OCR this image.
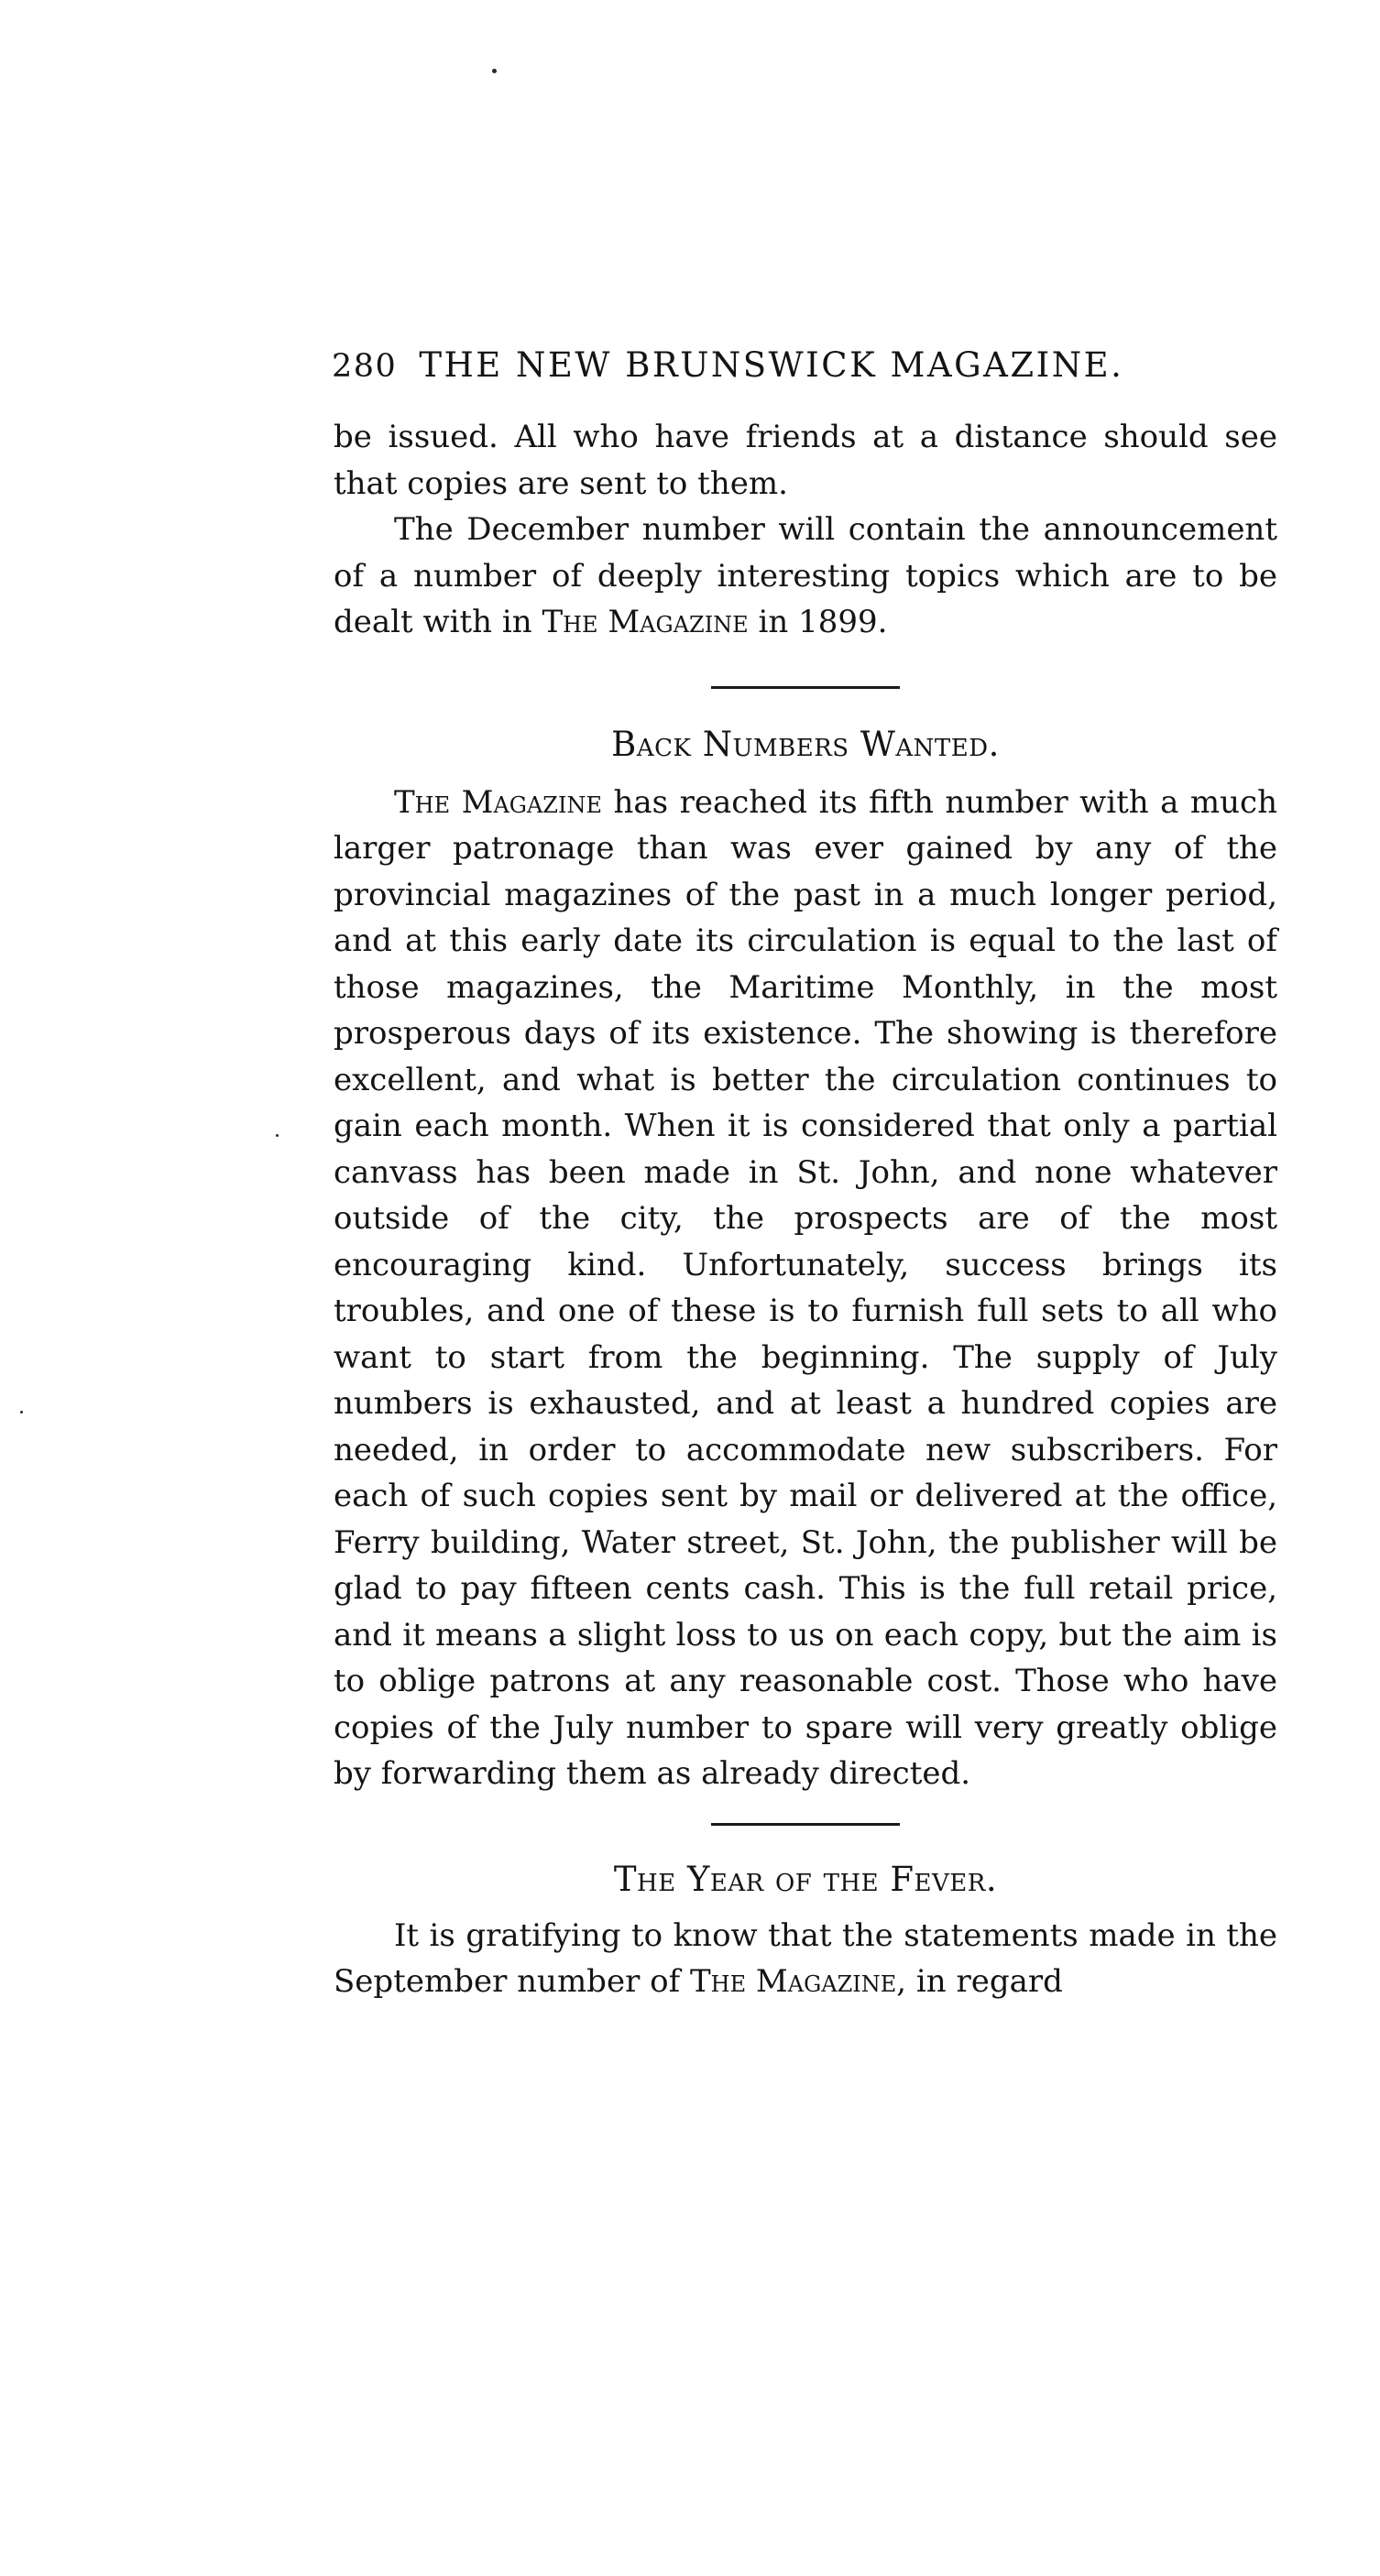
280 THE NEW BRUNSWICK MAGAZINE.

be issued. All who have friends at a distance should see that copies are sent to them.

The December number will contain the announcement of a number of deeply interesting topics which are to be dealt with in The Magazine in 1899.

Back Numbers Wanted.

The Magazine has reached its fifth number with a much larger patronage than was ever gained by any of the provincial magazines of the past in a much longer period, and at this early date its circulation is equal to the last of those magazines, the Maritime Monthly, in the most prosperous days of its existence. The showing is therefore excellent, and what is better the circulation continues to gain each month. When it is considered that only a partial canvass has been made in St. John, and none whatever outside of the city, the prospects are of the most encouraging kind. Unfortunately, success brings its troubles, and one of these is to furnish full sets to all who want to start from the beginning. The supply of July numbers is exhausted, and at least a hundred copies are needed, in order to accommodate new subscribers. For each of such copies sent by mail or delivered at the office, Ferry building, Water street, St. John, the publisher will be glad to pay fifteen cents cash. This is the full retail price, and it means a slight loss to us on each copy, but the aim is to oblige patrons at any reasonable cost. Those who have copies of the July number to spare will very greatly oblige by forwarding them as already directed.

The Year of the Fever.

It is gratifying to know that the statements made in the September number of The Magazine, in regard
